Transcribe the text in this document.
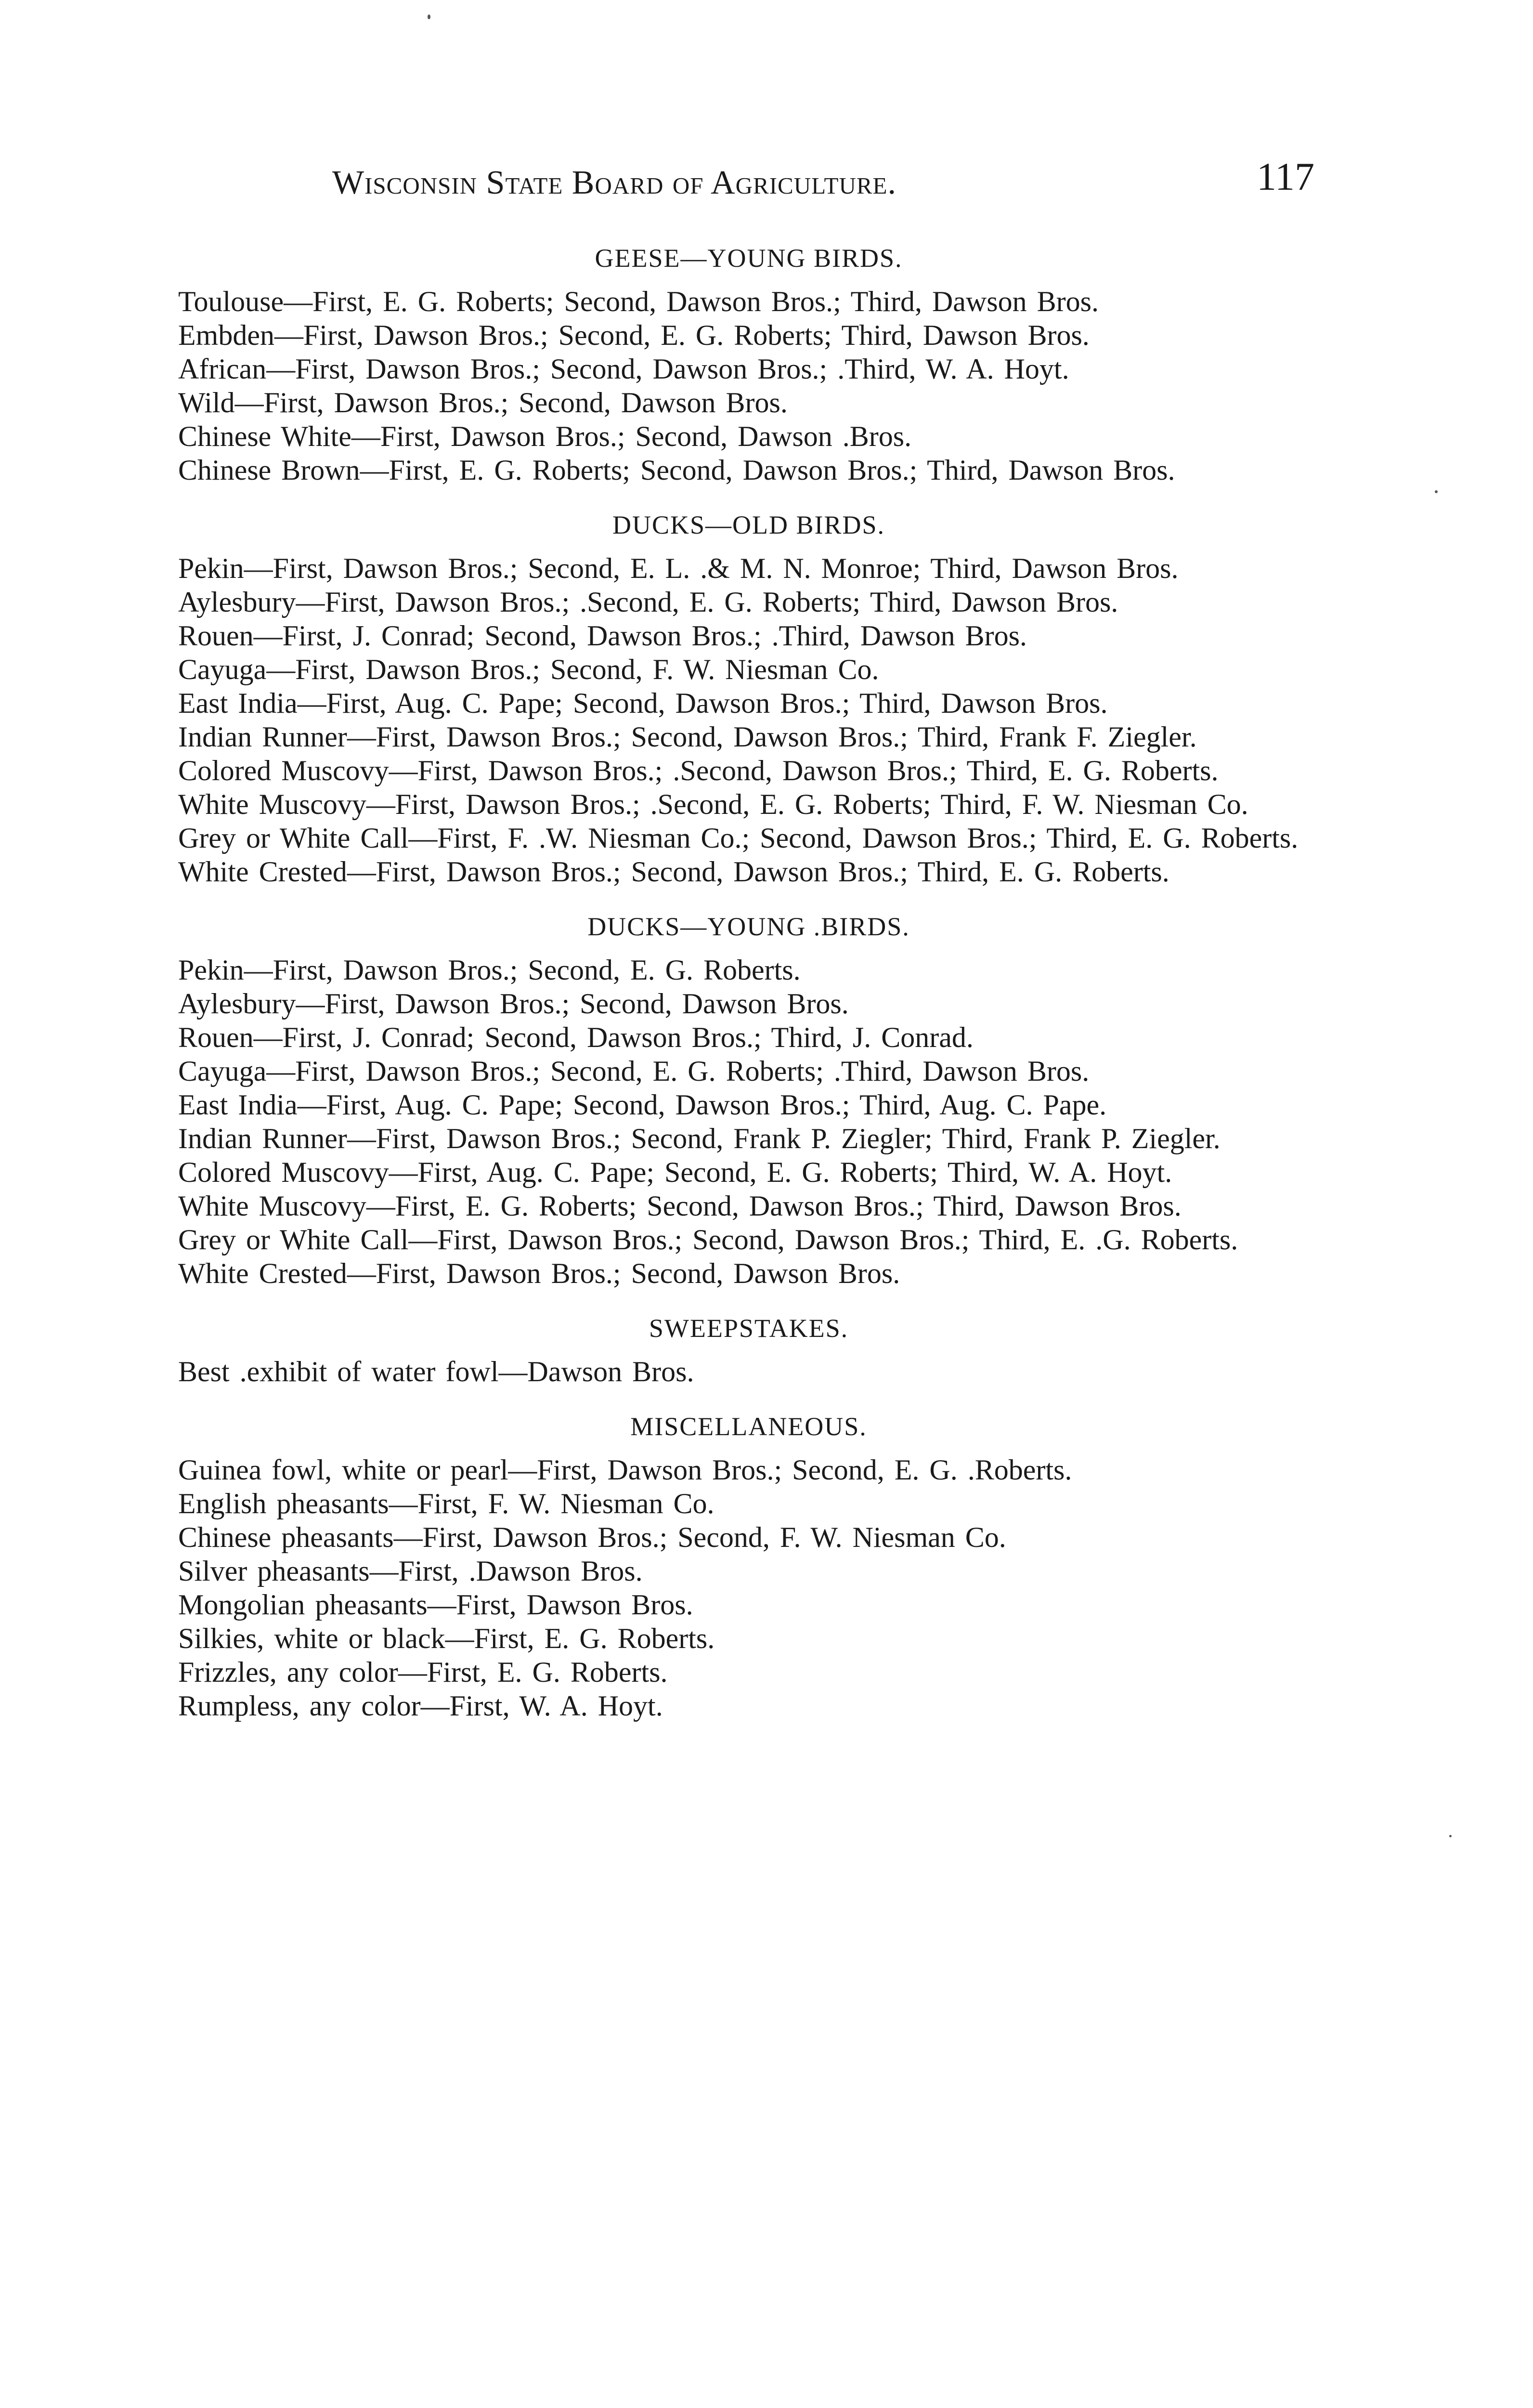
Wisconsin State Board of Agriculture.	117
GEESE—YOUNG BIRDS.

Toulouse—First, E. G. Roberts; Second, Dawson Bros.; Third, Dawson Bros.

Embden—First, Dawson Bros.; Second, E. G. Roberts; Third, Dawson Bros.

African—First, Dawson Bros.; Second, Dawson Bros.; .Third, W. A. Hoyt.

Wild—First, Dawson Bros.; Second, Dawson Bros.

Chinese White—First, Dawson Bros.; Second, Dawson .Bros.

Chinese Brown—First, E. G. Roberts; Second, Dawson Bros.; Third, Dawson Bros.

DUCKS—OLD BIRDS.

Pekin—First, Dawson Bros.; Second, E. L. .& M. N. Monroe; Third, Dawson Bros.

Aylesbury—First, Dawson Bros.; .Second, E. G. Roberts; Third, Dawson Bros.

Rouen—First, J. Conrad; Second, Dawson Bros.; .Third, Dawson Bros.

Cayuga—First, Dawson Bros.; Second, F. W. Niesman Co.

East India—First, Aug. C. Pape; Second, Dawson Bros.; Third, Dawson Bros.

Indian Runner—First, Dawson Bros.; Second, Dawson Bros.; Third, Frank F. Ziegler.

Colored Muscovy—First, Dawson Bros.; .Second, Dawson Bros.; Third, E. G. Roberts.

White Muscovy—First, Dawson Bros.; .Second, E. G. Roberts; Third, F. W. Niesman Co.

Grey or White Call—First, F. .W. Niesman Co.; Second, Dawson Bros.; Third, E. G. Roberts.

White Crested—First, Dawson Bros.; Second, Dawson Bros.; Third, E. G. Roberts.

DUCKS—YOUNG .BIRDS.

Pekin—First, Dawson Bros.; Second, E. G. Roberts.

Aylesbury—First, Dawson Bros.; Second, Dawson Bros.

Rouen—First, J. Conrad; Second, Dawson Bros.; Third, J. Conrad.

Cayuga—First, Dawson Bros.; Second, E. G. Roberts; .Third, Dawson Bros.

East India—First, Aug. C. Pape; Second, Dawson Bros.; Third, Aug. C. Pape.

Indian Runner—First, Dawson Bros.; Second, Frank P. Ziegler; Third, Frank P. Ziegler.

Colored Muscovy—First, Aug. C. Pape; Second, E. G. Roberts; Third, W. A. Hoyt.

White Muscovy—First, E. G. Roberts; Second, Dawson Bros.; Third, Dawson Bros.

Grey or White Call—First, Dawson Bros.; Second, Dawson Bros.; Third, E. .G. Roberts.

White Crested—First, Dawson Bros.; Second, Dawson Bros.

SWEEPSTAKES.

Best .exhibit of water fowl—Dawson Bros.

MISCELLANEOUS.

Guinea fowl, white or pearl—First, Dawson Bros.; Second, E. G. .Roberts.

English pheasants—First, F. W. Niesman Co.

Chinese pheasants—First, Dawson Bros.; Second, F. W. Niesman Co.

Silver pheasants—First, .Dawson Bros.

Mongolian pheasants—First, Dawson Bros.

Silkies, white or black—First, E. G. Roberts.

Frizzles, any color—First, E. G. Roberts.

Rumpless, any color—First, W. A. Hoyt.
